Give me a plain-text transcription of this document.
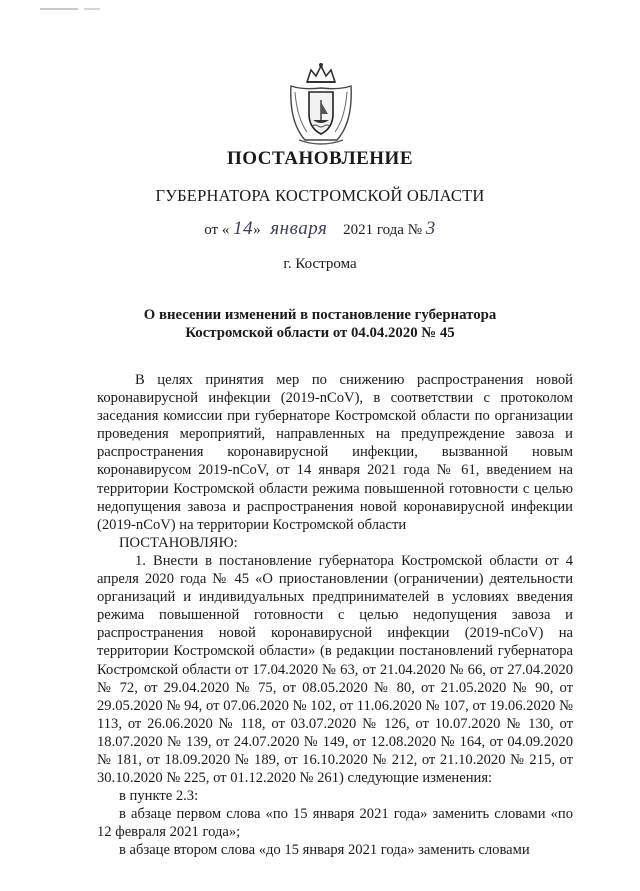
ПОСТАНОВЛЕНИЕ
ГУБЕРНАТОРА КОСТРОМСКОЙ ОБЛАСТИ
от « 14» января 2021 года № 3
г. Кострома
О внесении изменений в постановление губернатора
Костромской области от 04.04.2020 № 45

В целях принятия мер по снижению распространения новой коронавирусной инфекции (2019-nCoV), в соответствии с протоколом заседания комиссии при губернаторе Костромской области по организации проведения мероприятий, направленных на предупреждение завоза и распространения коронавирусной инфекции, вызванной новым коронавирусом 2019-nCoV, от 14 января 2021 года № 61, введением на территории Костромской области режима повышенной готовности с целью недопущения завоза и распространения новой коронавирусной инфекции (2019-nCoV) на территории Костромской области

ПОСТАНОВЛЯЮ:

1. Внести в постановление губернатора Костромской области от 4 апреля 2020 года № 45 «О приостановлении (ограничении) деятельности организаций и индивидуальных предпринимателей в условиях введения режима повышенной готовности с целью недопущения завоза и распространения новой коронавирусной инфекции (2019-nCoV) на территории Костромской области» (в редакции постановлений губернатора Костромской области от 17.04.2020 № 63, от 21.04.2020 № 66, от 27.04.2020 № 72, от 29.04.2020 № 75, от 08.05.2020 № 80, от 21.05.2020 № 90, от 29.05.2020 № 94, от 07.06.2020 № 102, от 11.06.2020 № 107, от 19.06.2020 № 113, от 26.06.2020 № 118, от 03.07.2020 № 126, от 10.07.2020 № 130, от 18.07.2020 № 139, от 24.07.2020 № 149, от 12.08.2020 № 164, от 04.09.2020 № 181, от 18.09.2020 № 189, от 16.10.2020 № 212, от 21.10.2020 № 215, от 30.10.2020 № 225, от 01.12.2020 № 261) следующие изменения:

в пункте 2.3:

в абзаце первом слова «по 15 января 2021 года» заменить словами «по 12 февраля 2021 года»;

в абзаце втором слова «до 15 января 2021 года» заменить словами
